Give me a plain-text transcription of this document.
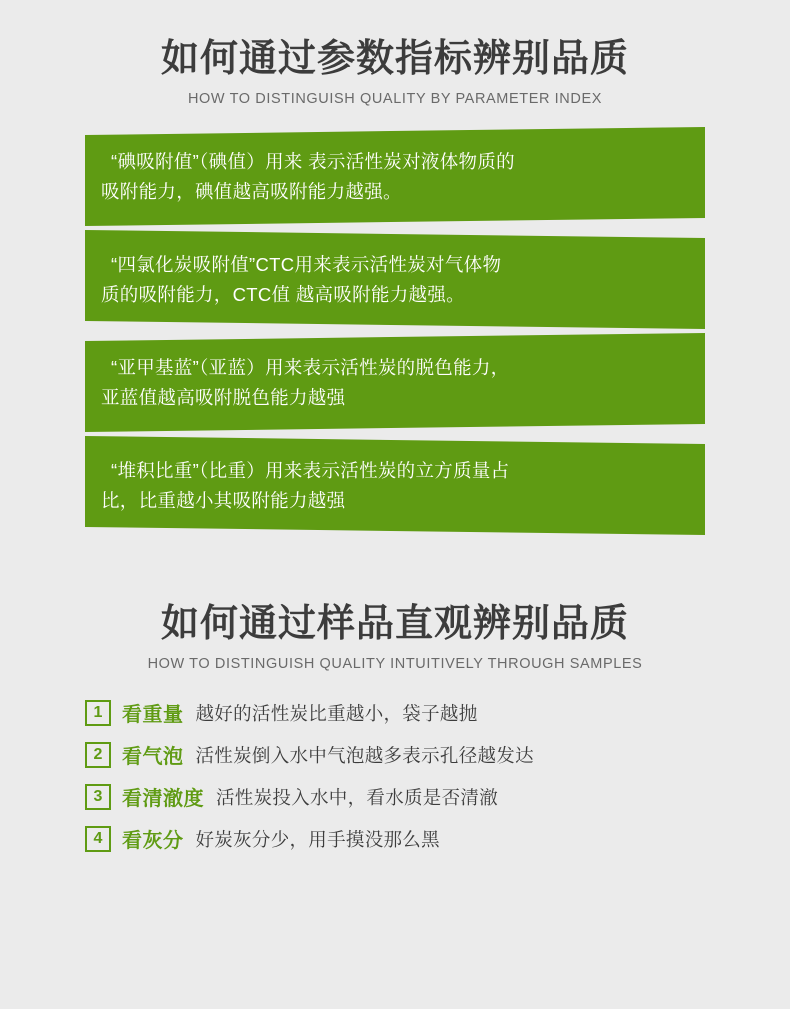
如何通过参数指标辨别品质
HOW TO DISTINGUISH QUALITY BY PARAMETER INDEX
“碘吸附值”（碘值）用来 表示活性炭对液体物质的
吸附能力，碘值越高吸附能力越强。
“四氯化炭吸附值”CTC用来表示活性炭对气体物
质的吸附能力，CTC值 越高吸附能力越强。
“亚甲基蓝”（亚蓝）用来表示活性炭的脱色能力，
亚蓝值越高吸附脱色能力越强
“堆积比重”（比重）用来表示活性炭的立方质量占
比，比重越小其吸附能力越强
如何通过样品直观辨别品质
HOW TO DISTINGUISH QUALITY INTUITIVELY THROUGH SAMPLES
1 看重量 越好的活性炭比重越小，袋子越抛
2 看气泡 活性炭倒入水中气泡越多表示孔径越发达
3 看清澈度 活性炭投入水中，看水质是否清澈
4 看灰分 好炭灰分少，用手摸没那么黑
